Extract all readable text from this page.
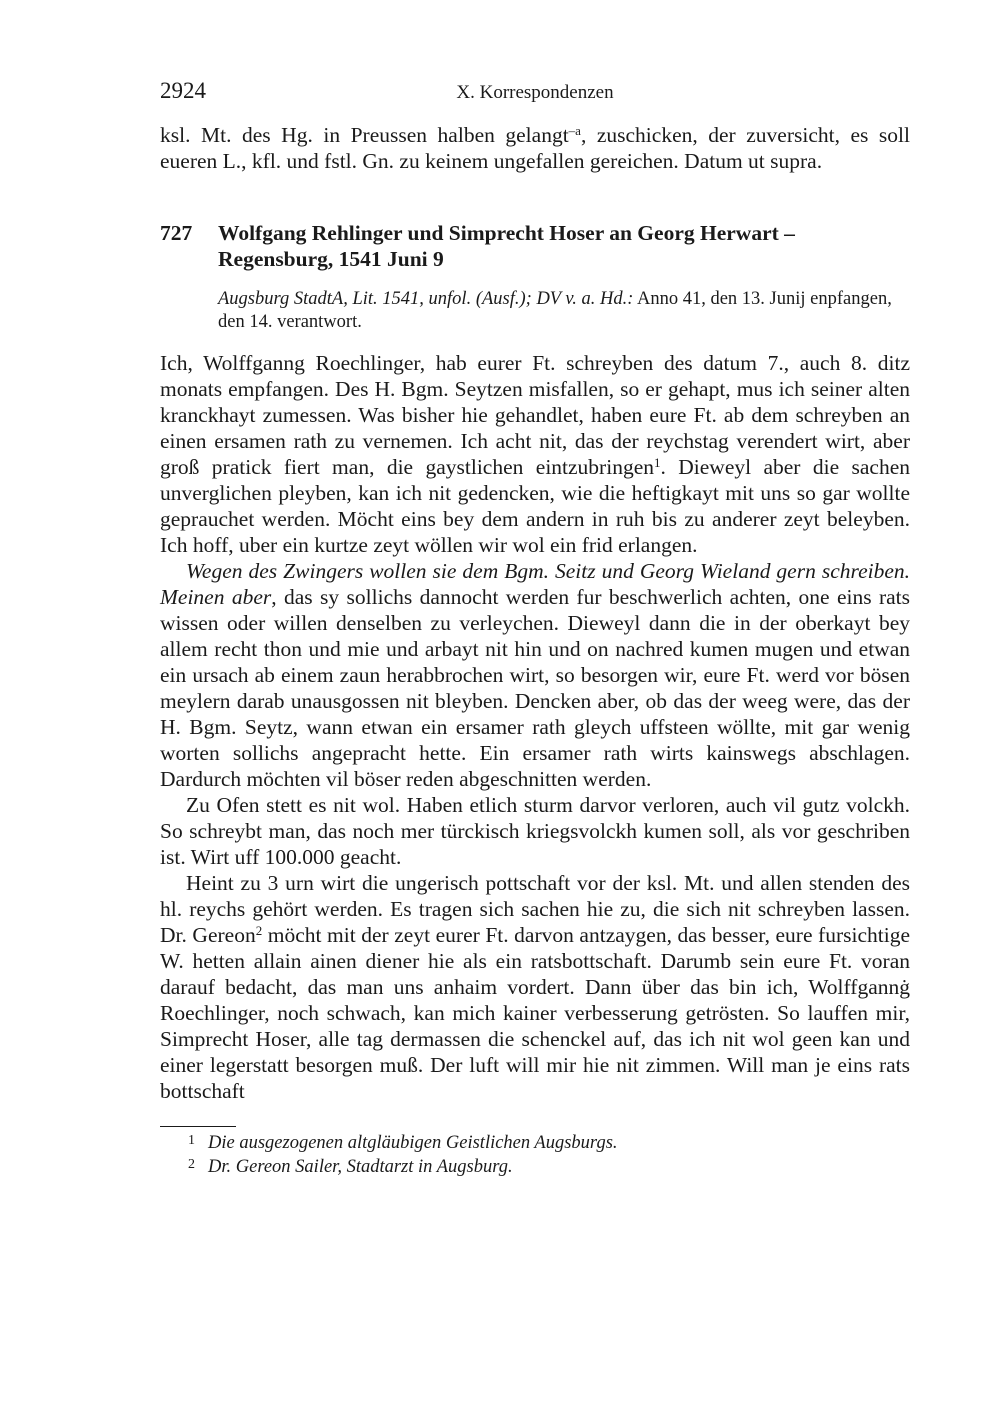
2924	X. Korrespondenzen

ksl. Mt. des Hg. in Preussen halben gelangt$^{-a}$, zuschicken, der zuversicht, es soll eueren L., kfl. und fstl. Gn. zu keinem ungefallen gereichen. Datum ut supra.

727 Wolfgang Rehlinger und Simprecht Hoser an Georg Herwart – Regensburg, 1541 Juni 9
Augsburg StadtA, Lit. 1541, unfol. (Ausf.); DV v. a. Hd.: Anno 41, den 13. Junij enpfangen, den 14. verantwort.

Ich, Wolffganng Roechlinger, hab eurer Ft. schreyben des datum 7., auch 8. ditz monats empfangen. Des H. Bgm. Seytzen misfallen, so er gehapt, mus ich seiner alten kranckhayt zumessen. Was bisher hie gehandlet, haben eure Ft. ab dem schreyben an einen ersamen rath zu vernemen. Ich acht nit, das der reychstag verendert wirt, aber groß pratick fiert man, die gaystlichen eintzubringen$^1$. Dieweyl aber die sachen unverglichen pleyben, kan ich nit gedencken, wie die heftigkayt mit uns so gar wollte geprauchet werden. Möcht eins bey dem andern in ruh bis zu anderer zeyt beleyben. Ich hoff, uber ein kurtze zeyt wöllen wir wol ein frid erlangen.

Wegen des Zwingers wollen sie dem Bgm. Seitz und Georg Wieland gern schreiben. Meinen aber, das sy sollichs dannocht werden fur beschwerlich achten, one eins rats wissen oder willen denselben zu verleychen. Dieweyl dann die in der oberkayt bey allem recht thon und mie und arbayt nit hin und on nachred kumen mugen und etwan ein ursach ab einem zaun herabbrochen wirt, so besorgen wir, eure Ft. werd vor bösen meylern darab unausgossen nit bleyben. Dencken aber, ob das der weeg were, das der H. Bgm. Seytz, wann etwan ein ersamer rath gleych uffsteen wöllte, mit gar wenig worten sollichs angepracht hette. Ein ersamer rath wirts kainswegs abschlagen. Dardurch möchten vil böser reden abgeschnitten werden.

Zu Ofen stett es nit wol. Haben etlich sturm darvor verloren, auch vil gutz volckh. So schreybt man, das noch mer türckisch kriegsvolckh kumen soll, als vor geschriben ist. Wirt uff 100.000 geacht.

Heint zu 3 urn wirt die ungerisch pottschaft vor der ksl. Mt. und allen stenden des hl. reychs gehört werden. Es tragen sich sachen hie zu, die sich nit schreyben lassen. Dr. Gereon$^2$ möcht mit der zeyt eurer Ft. darvon antzaygen, das besser, eure fursichtige W. hetten allain ainen diener hie als ein ratsbottschaft. Darumb sein eure Ft. voran darauf bedacht, das man uns anhaim vordert. Dann über das bin ich, Wolffgannġ Roechlinger, noch schwach, kan mich kainer verbesserung getrösten. So lauffen mir, Simprecht Hoser, alle tag dermassen die schenckel auf, das ich nit wol geen kan und einer legerstatt besorgen muß. Der luft will mir hie nit zimmen. Will man je eins rats bottschaft

1 Die ausgezogenen altgläubigen Geistlichen Augsburgs.
2 Dr. Gereon Sailer, Stadtarzt in Augsburg.
